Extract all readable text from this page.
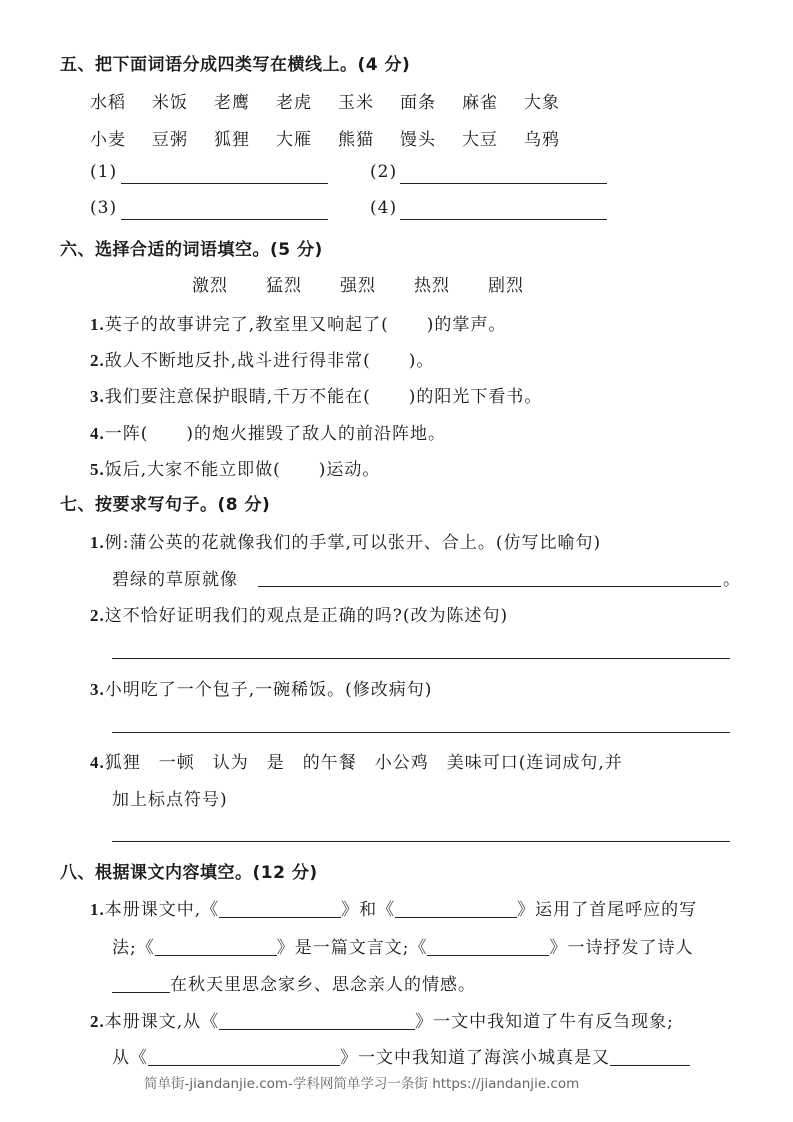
五、把下面词语分成四类写在横线上。(4 分)
水稻 米饭 老鹰 老虎 玉米 面条 麻雀 大象
小麦 豆粥 狐狸 大雁 熊猫 馒头 大豆 乌鸦
(1)	(2)
(3)	(4)
六、选择合适的词语填空。(5 分)
激烈 猛烈 强烈 热烈 剧烈
1.英子的故事讲完了,教室里又响起了( )的掌声。
2.敌人不断地反扑,战斗进行得非常( )。
3.我们要注意保护眼睛,千万不能在( )的阳光下看书。
4.一阵( )的炮火摧毁了敌人的前沿阵地。
5.饭后,大家不能立即做( )运动。
七、按要求写句子。(8 分)
1.例:蒲公英的花就像我们的手掌,可以张开、合上。(仿写比喻句)
碧绿的草原就像	。
2.这不恰好证明我们的观点是正确的吗?(改为陈述句)
3.小明吃了一个包子,一碗稀饭。(修改病句)
4.狐狸　一顿　认为　是　的午餐　小公鸡　美味可口(连词成句,并
加上标点符号)
八、根据课文内容填空。(12 分)
1.本册课文中,《	》和《	》运用了首尾呼应的写
法;《	》是一篇文言文;《	》一诗抒发了诗人
在秋天里思念家乡、思念亲人的情感。
2.本册课文,从《	》一文中我知道了牛有反刍现象;
从《	》一文中我知道了海滨小城真是又
简单街-jiandanjie.com-学科网简单学习一条街 https://jiandanjie.com
